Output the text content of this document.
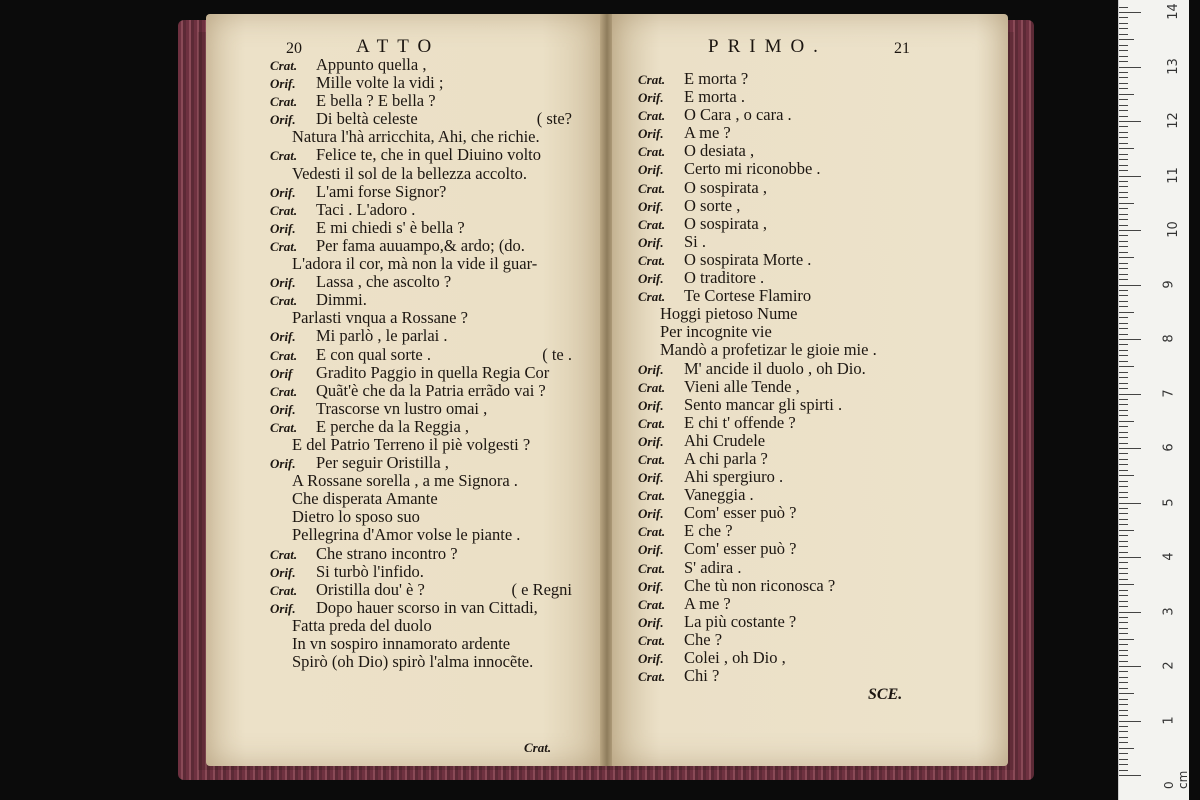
20	ATTO
Crat. Appunto quella ,
Orif. Mille volte la vidi ;
Crat. E bella ? E bella ?
Orif. Di beltà celeste	( ste?
Natura l'hà arricchita, Ahi, che richie.
Crat. Felice te, che in quel Diuino volto
Vedesti il sol de la bellezza accolto.
Orif. L'ami forse Signor?
Crat. Taci . L'adoro .
Orif. E mi chiedi s' è bella ?
Crat. Per fama auuampo,& ardo; (do.
L'adora il cor, mà non la vide il guar-
Orif. Lassa , che ascolto ?
Crat. Dimmi.
Parlasti vnqua a Rossane ?
Orif. Mi parlò , le parlai .
Crat. E con qual sorte .	( te .
Orif Gradito Paggio in quella Regia Cor
Crat. Quãt'è che da la Patria errãdo vai ?
Orif. Trascorse vn lustro omai ,
Crat. E perche da la Reggia ,
E del Patrio Terreno il piè volgesti ?
Orif. Per seguir Oristilla ,
A Rossane sorella , a me Signora .
Che disperata Amante
Dietro lo sposo suo
Pellegrina d'Amor volse le piante .
Crat. Che strano incontro ?
Orif. Si turbò l'infido.
Crat. Oristilla dou' è ?	( e Regni
Orif. Dopo hauer scorso in van Cittadi,
Fatta preda del duolo
In vn sospiro innamorato ardente
Spirò (oh Dio) spirò l'alma innocẽte.
Crat.
PRIMO.	21
Crat. E morta ?
Orif. E morta .
Crat. O Cara , o cara .
Orif. A me ?
Crat. O desiata ,
Orif. Certo mi riconobbe .
Crat. O sospirata ,
Orif. O sorte ,
Crat. O sospirata ,
Orif. Si .
Crat. O sospirata Morte .
Orif. O traditore .
Crat. Te Cortese Flamiro
Hoggi pietoso Nume
Per incognite vie
Mandò a profetizar le gioie mie .
Orif. M' ancide il duolo , oh Dio.
Crat. Vieni alle Tende ,
Orif. Sento mancar gli spirti .
Crat. E chi t' offende ?
Orif. Ahi Crudele
Crat. A chi parla ?
Orif. Ahi spergiuro .
Crat. Vaneggia .
Orif. Com' esser può ?
Crat. E che ?
Orif. Com' esser può ?
Crat. S' adira .
Orif. Che tù non riconosca ?
Crat. A me ?
Orif. La più costante ?
Crat. Che ?
Orif. Colei , oh Dio ,
Crat. Chi ?
SCE.
0 cm
1
2
3
4
5
6
7
8
9
10
11
12
13
14
